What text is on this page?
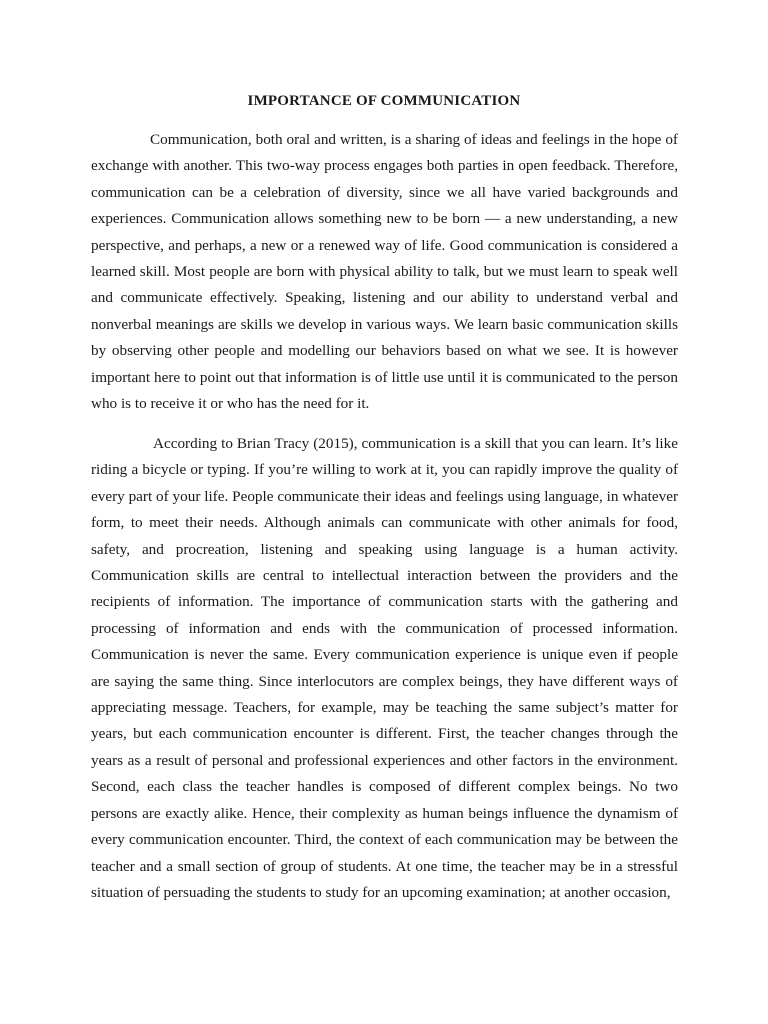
IMPORTANCE OF COMMUNICATION

Communication, both oral and written, is a sharing of ideas and feelings in the hope of exchange with another. This two-way process engages both parties in open feedback. Therefore, communication can be a celebration of diversity, since we all have varied backgrounds and experiences. Communication allows something new to be born — a new understanding, a new perspective, and perhaps, a new or a renewed way of life. Good communication is considered a learned skill. Most people are born with physical ability to talk, but we must learn to speak well and communicate effectively. Speaking, listening and our ability to understand verbal and nonverbal meanings are skills we develop in various ways. We learn basic communication skills by observing other people and modelling our behaviors based on what we see. It is however important here to point out that information is of little use until it is communicated to the person who is to receive it or who has the need for it.

According to Brian Tracy (2015), communication is a skill that you can learn. It’s like riding a bicycle or typing. If you’re willing to work at it, you can rapidly improve the quality of every part of your life. People communicate their ideas and feelings using language, in whatever form, to meet their needs. Although animals can communicate with other animals for food, safety, and procreation, listening and speaking using language is a human activity. Communication skills are central to intellectual interaction between the providers and the recipients of information. The importance of communication starts with the gathering and processing of information and ends with the communication of processed information. Communication is never the same. Every communication experience is unique even if people are saying the same thing. Since interlocutors are complex beings, they have different ways of appreciating message. Teachers, for example, may be teaching the same subject’s matter for years, but each communication encounter is different. First, the teacher changes through the years as a result of personal and professional experiences and other factors in the environment. Second, each class the teacher handles is composed of different complex beings. No two persons are exactly alike. Hence, their complexity as human beings influence the dynamism of every communication encounter. Third, the context of each communication may be between the teacher and a small section of group of students. At one time, the teacher may be in a stressful situation of persuading the students to study for an upcoming examination; at another occasion,
